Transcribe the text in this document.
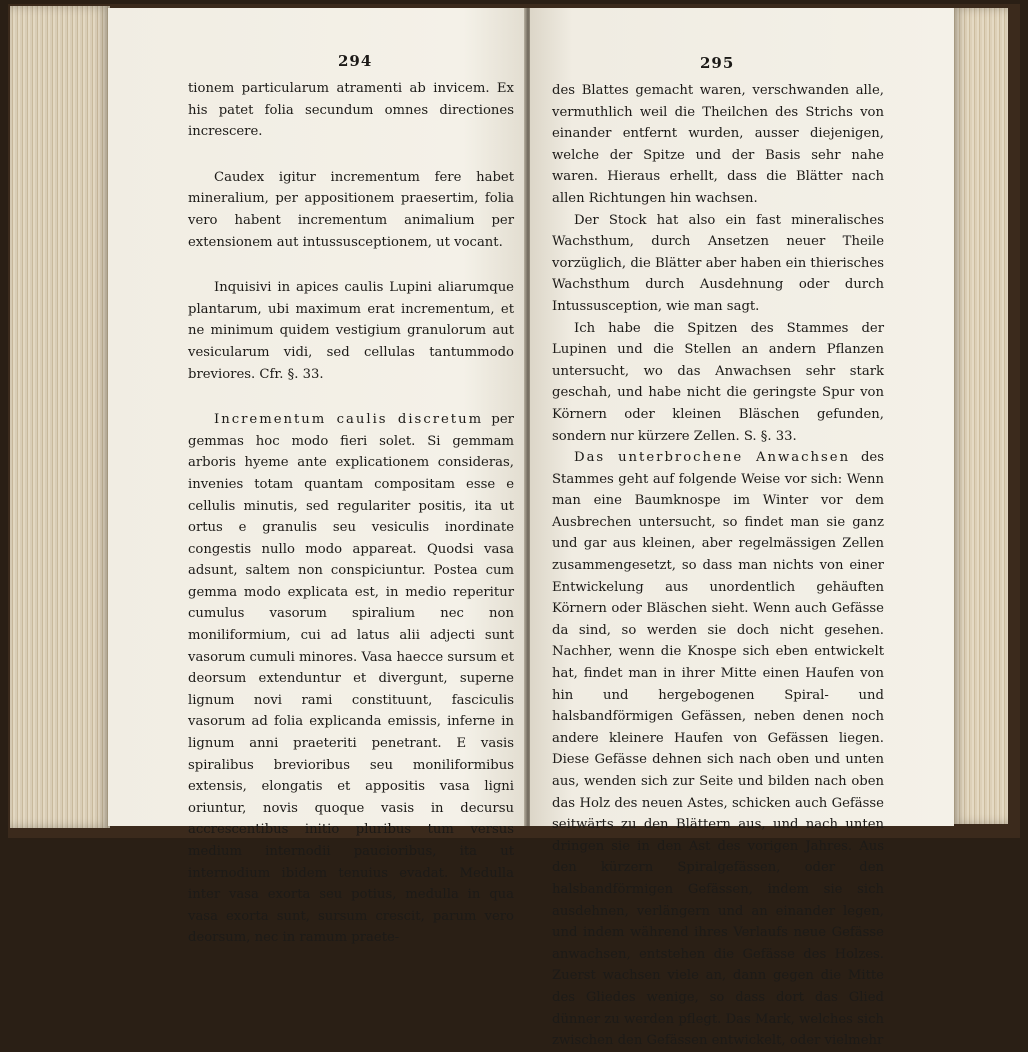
294

tionem particularum atramenti ab invicem. Ex his patet folia secundum omnes directiones increscere.

Caudex igitur incrementum fere habet mineralium, per appositionem praesertim, folia vero habent incrementum animalium per extensionem aut intussusceptionem, ut vocant.

Inquisivi in apices caulis Lupini aliarumque plantarum, ubi maximum erat incrementum, et ne minimum quidem vestigium granulorum aut vesicularum vidi, sed cellulas tantummodo breviores. Cfr. §. 33.

Incrementum caulis discretum per gemmas hoc modo fieri solet. Si gemmam arboris hyeme ante explicationem consideras, invenies totam quantam compositam esse e cellulis minutis, sed regulariter positis, ita ut ortus e granulis seu vesiculis inordinate congestis nullo modo appareat. Quodsi vasa adsunt, saltem non conspiciuntur. Postea cum gemma modo explicata est, in medio reperitur cumulus vasorum spiralium nec non moniliformium, cui ad latus alii adjecti sunt vasorum cumuli minores. Vasa haecce sursum et deorsum extenduntur et divergunt, superne lignum novi rami constituunt, fasciculis vasorum ad folia explicanda emissis, inferne in lignum anni praeteriti penetrant. E vasis spiralibus brevioribus seu moniliformibus extensis, elongatis et appositis vasa ligni oriuntur, novis quoque vasis in decursu accrescentibus initio pluribus tum versus medium internodii paucioribus, ita ut internodium ibidem tenuius evadat. Medulla inter vasa exorta seu potius, medulla in qua vasa exorta sunt, sursum crescit, parum vero deorsum, nec in ramum praete-

295

des Blattes gemacht waren, verschwanden alle, vermuthlich weil die Theilchen des Strichs von einander entfernt wurden, ausser diejenigen, welche der Spitze und der Basis sehr nahe waren. Hieraus erhellt, dass die Blätter nach allen Richtungen hin wachsen.

Der Stock hat also ein fast mineralisches Wachsthum, durch Ansetzen neuer Theile vorzüglich, die Blätter aber haben ein thierisches Wachsthum durch Ausdehnung oder durch Intussusception, wie man sagt.

Ich habe die Spitzen des Stammes der Lupinen und die Stellen an andern Pflanzen untersucht, wo das Anwachsen sehr stark geschah, und habe nicht die geringste Spur von Körnern oder kleinen Bläschen gefunden, sondern nur kürzere Zellen. S. §. 33.

Das unterbrochene Anwachsen des Stammes geht auf folgende Weise vor sich: Wenn man eine Baumknospe im Winter vor dem Ausbrechen untersucht, so findet man sie ganz und gar aus kleinen, aber regelmässigen Zellen zusammengesetzt, so dass man nichts von einer Entwickelung aus unordentlich gehäuften Körnern oder Bläschen sieht. Wenn auch Gefässe da sind, so werden sie doch nicht gesehen. Nachher, wenn die Knospe sich eben entwickelt hat, findet man in ihrer Mitte einen Haufen von hin und hergebogenen Spiral- und halsbandförmigen Gefässen, neben denen noch andere kleinere Haufen von Gefässen liegen. Diese Gefässe dehnen sich nach oben und unten aus, wenden sich zur Seite und bilden nach oben das Holz des neuen Astes, schicken auch Gefässe seitwärts zu den Blättern aus, und nach unten dringen sie in den Ast des vorigen Jahres. Aus den kürzern Spiralgefässen, oder den halsbandförmigen Gefässen, indem sie sich ausdehnen, verlängern und an einander legen, und indem während ihres Verlaufs neue Gefässe anwachsen, entstehen die Gefässe des Holzes. Zuerst wachsen viele an, dann gegen die Mitte des Gliedes wenige, so dass dort das Glied dünner zu werden pflegt. Das Mark, welches sich zwischen den Gefässen entwickelt, oder vielmehr
